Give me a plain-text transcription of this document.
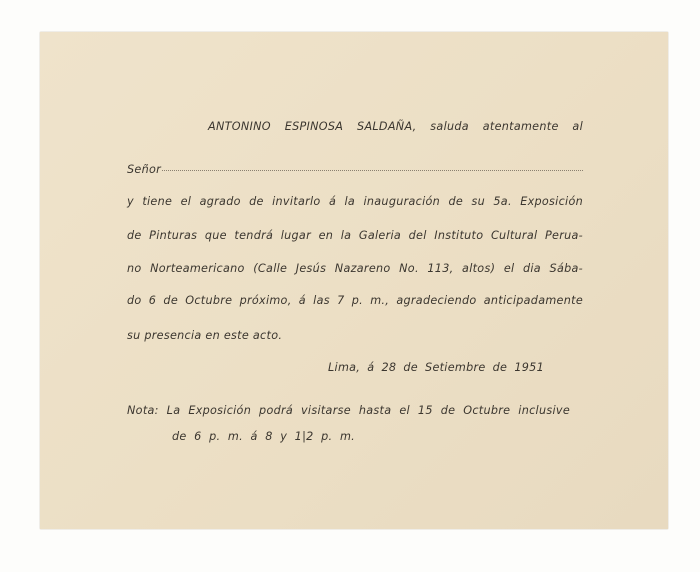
ANTONINO ESPINOSA SALDAÑA, saluda atentamente al
Señor
y tiene el agrado de invitarlo á la inauguración de su 5a. Exposición
de Pinturas que tendrá lugar en la Galeria del Instituto Cultural Perua-
no Norteamericano (Calle Jesús Nazareno No. 113, altos) el dia Sába-
do 6 de Octubre próximo, á las 7 p. m., agradeciendo anticipadamente
su presencia en este acto.
Lima, á 28 de Setiembre de 1951
Nota: La Exposición podrá visitarse hasta el 15 de Octubre inclusive
de 6 p. m. á 8 y 1|2 p. m.
